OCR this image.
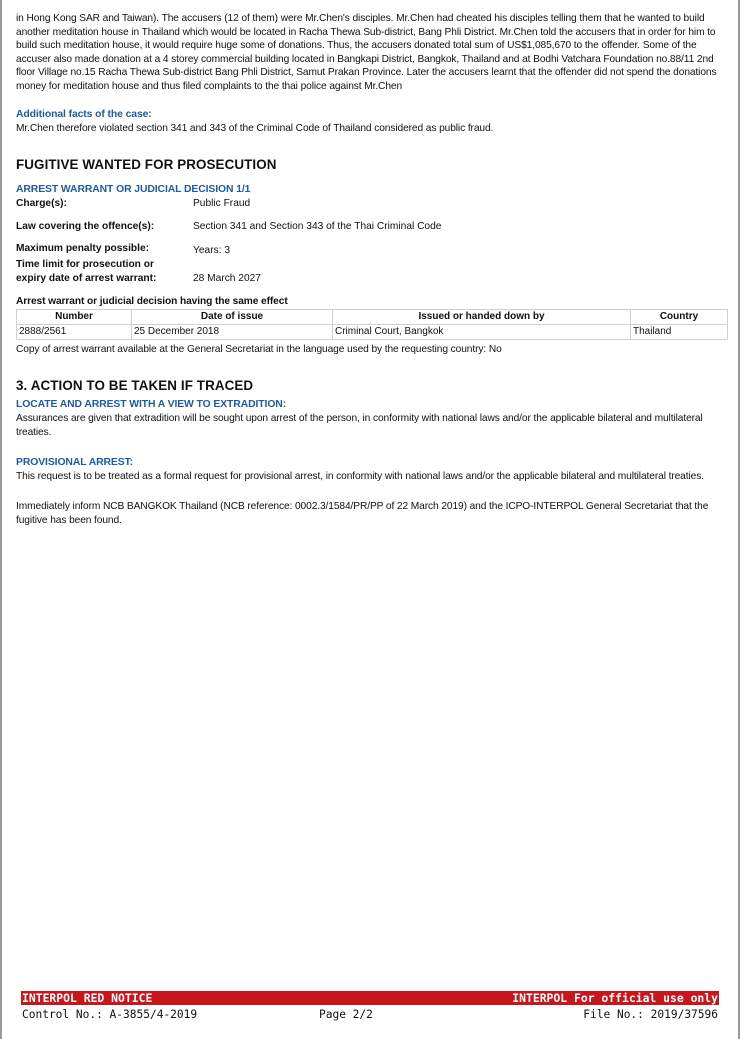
in Hong Kong SAR and Taiwan). The accusers (12 of them) were Mr.Chen's disciples. Mr.Chen had cheated his disciples telling them that he wanted to build another meditation house in Thailand which would be located in Racha Thewa Sub-district, Bang Phli District. Mr.Chen told the accusers that in order for him to build such meditation house, it would require huge some of donations. Thus, the accusers donated total sum of US$1,085,670 to the offender. Some of the accuser also made donation at a 4 storey commercial building located in Bangkapi District, Bangkok, Thailand and at Bodhi Vatchara Foundation no.88/11 2nd floor Village no.15 Racha Thewa Sub-district Bang Phli District, Samut Prakan Province. Later the accusers learnt that the offender did not spend the donations money for meditation house and thus filed complaints to the thai police against Mr.Chen

Additional facts of the case:

Mr.Chen therefore violated section 341 and 343 of the Criminal Code of Thailand considered as public fraud.

FUGITIVE WANTED FOR PROSECUTION

ARREST WARRANT OR JUDICIAL DECISION 1/1

Charge(s):	Public Fraud
Law covering the offence(s):	Section 341 and Section 343 of the Thai Criminal Code
Maximum penalty possible:	Years: 3
Time limit for prosecution or
expiry date of arrest warrant:	28 March 2027

Arrest warrant or judicial decision having the same effect

Number	Date of issue	Issued or handed down by	Country
2888/2561	25 December 2018	Criminal Court, Bangkok	Thailand

Copy of arrest warrant available at the General Secretariat in the language used by the requesting country: No

3. ACTION TO BE TAKEN IF TRACED

LOCATE AND ARREST WITH A VIEW TO EXTRADITION:

Assurances are given that extradition will be sought upon arrest of the person, in conformity with national laws and/or the applicable bilateral and multilateral treaties.

PROVISIONAL ARREST:

This request is to be treated as a formal request for provisional arrest, in conformity with national laws and/or the applicable bilateral and multilateral treaties.

Immediately inform NCB BANGKOK Thailand (NCB reference: 0002.3/1584/PR/PP of 22 March 2019) and the ICPO-INTERPOL General Secretariat that the fugitive has been found.

INTERPOL RED NOTICE	INTERPOL For official use only
Control No.: A-3855/4-2019	Page 2/2	File No.: 2019/37596
